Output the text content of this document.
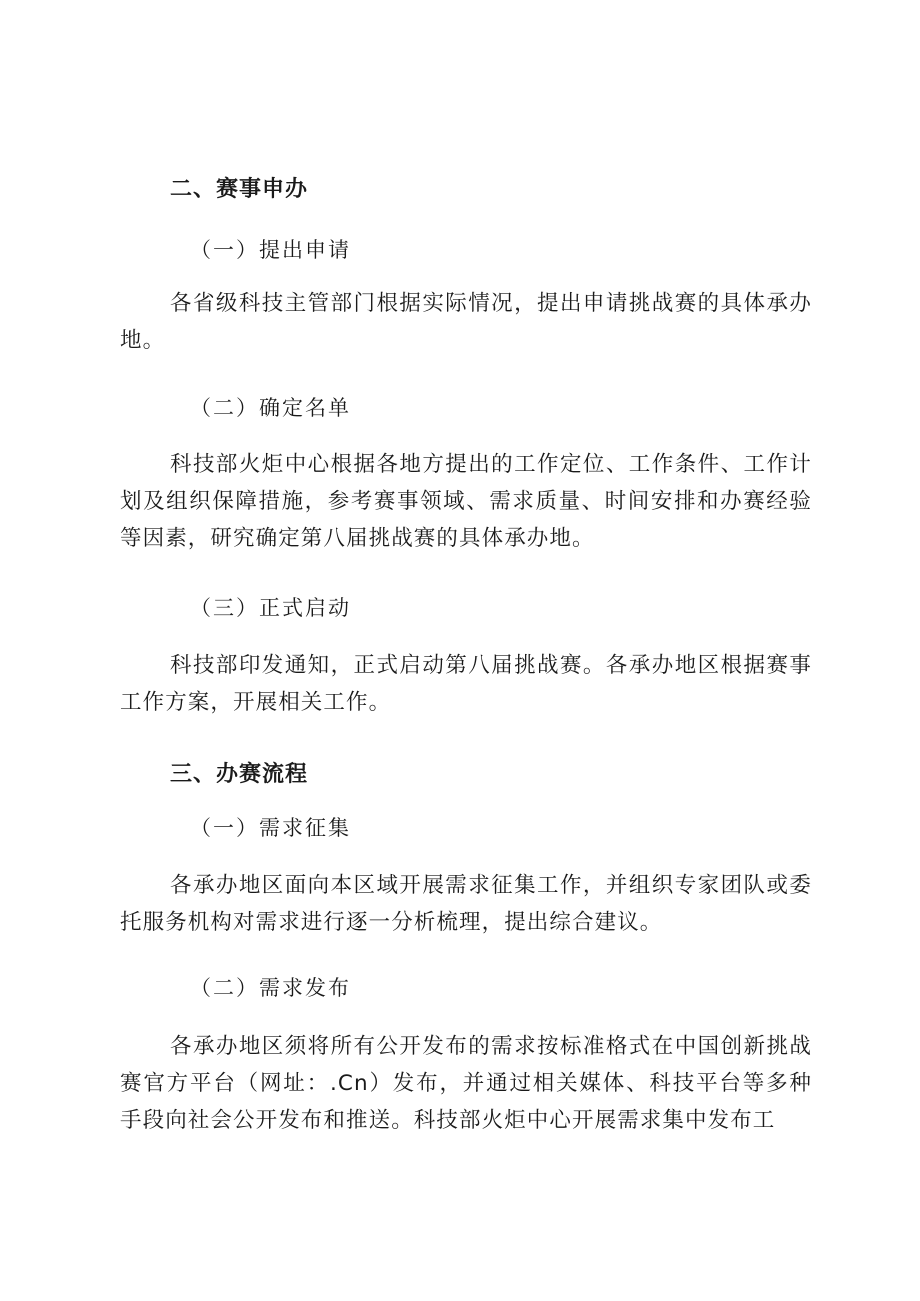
二、赛事申办
（一）提出申请
各省级科技主管部门根据实际情况，提出申请挑战赛的具体承办地。
（二）确定名单
科技部火炬中心根据各地方提出的工作定位、工作条件、工作计划及组织保障措施，参考赛事领域、需求质量、时间安排和办赛经验等因素，研究确定第八届挑战赛的具体承办地。
（三）正式启动
科技部印发通知，正式启动第八届挑战赛。各承办地区根据赛事工作方案，开展相关工作。
三、办赛流程
（一）需求征集
各承办地区面向本区域开展需求征集工作，并组织专家团队或委托服务机构对需求进行逐一分析梳理，提出综合建议。
（二）需求发布
各承办地区须将所有公开发布的需求按标准格式在中国创新挑战赛官方平台（网址：.Cn）发布，并通过相关媒体、科技平台等多种手段向社会公开发布和推送。科技部火炬中心开展需求集中发布工
